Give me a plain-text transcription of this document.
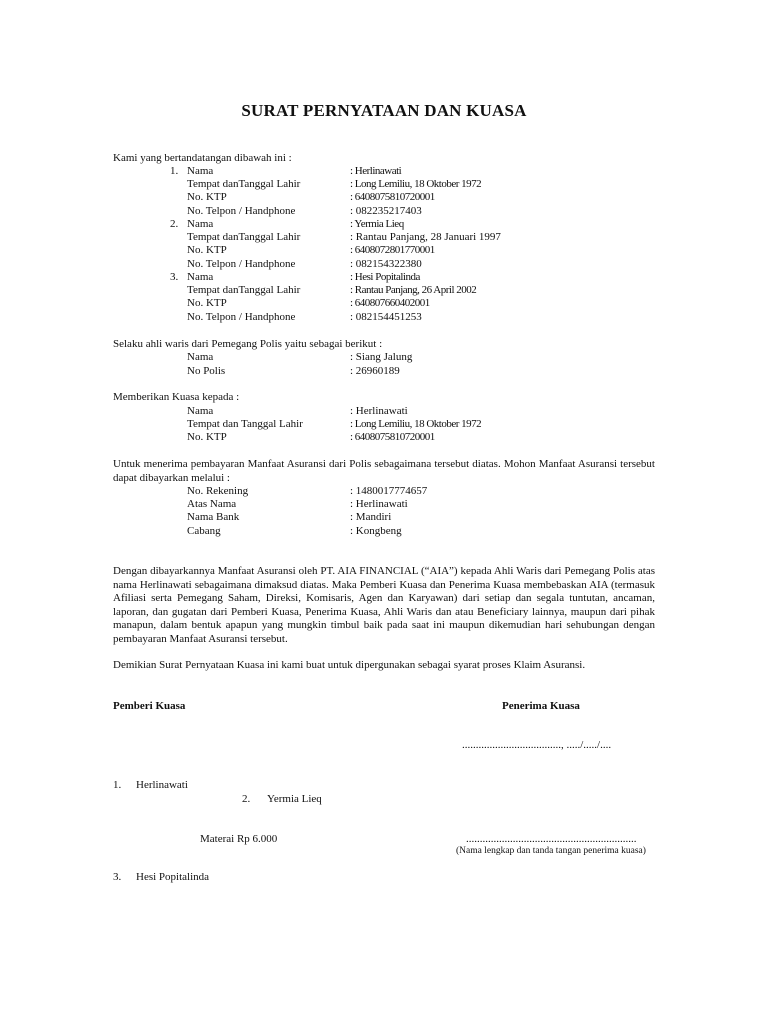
SURAT PERNYATAAN DAN KUASA
Kami yang bertandatangan dibawah ini :
1. Nama	: Herlinawati
Tempat danTanggal Lahir	: Long Lemiliu, 18 Oktober 1972
No. KTP	: 6408075810720001
No. Telpon / Handphone	: 082235217403
2. Nama	: Yermia Lieq
Tempat danTanggal Lahir	: Rantau Panjang, 28 Januari 1997
No. KTP	: 6408072801770001
No. Telpon / Handphone	: 082154322380
3. Nama	: Hesi Popitalinda
Tempat danTanggal Lahir	: Rantau Panjang, 26 April 2002
No. KTP	: 640807660402001
No. Telpon / Handphone	: 082154451253
Selaku ahli waris dari Pemegang Polis yaitu sebagai berikut :
Nama	: Siang Jalung
No Polis	: 26960189
Memberikan Kuasa kepada :
Nama	: Herlinawati
Tempat dan Tanggal Lahir	: Long Lemiliu, 18 Oktober 1972
No. KTP	: 6408075810720001
Untuk menerima pembayaran Manfaat Asuransi dari Polis sebagaimana tersebut diatas. Mohon Manfaat Asuransi tersebut dapat dibayarkan melalui :
No. Rekening	: 1480017774657
Atas Nama	: Herlinawati
Nama Bank	: Mandiri
Cabang	: Kongbeng
Dengan dibayarkannya Manfaat Asuransi oleh PT. AIA FINANCIAL (“AIA”) kepada Ahli Waris dari Pemegang Polis atas nama Herlinawati sebagaimana dimaksud diatas. Maka Pemberi Kuasa dan Penerima Kuasa membebaskan AIA (termasuk Afiliasi serta Pemegang Saham, Direksi, Komisaris, Agen dan Karyawan) dari setiap dan segala tuntutan, ancaman, laporan, dan gugatan dari Pemberi Kuasa, Penerima Kuasa, Ahli Waris dan atau Beneficiary lainnya, maupun dari pihak manapun, dalam bentuk apapun yang mungkin timbul baik pada saat ini maupun dikemudian hari sehubungan dengan pembayaran Manfaat Asuransi tersebut.
Demikian Surat Pernyataan Kuasa ini kami buat untuk dipergunakan sebagai syarat proses Klaim Asuransi.
Pemberi Kuasa	Penerima Kuasa
...................................., ...../...../....
1. Herlinawati
2. Yermia Lieq
Materai Rp 6.000	..............................................................
(Nama lengkap dan tanda tangan penerima kuasa)
3. Hesi Popitalinda
